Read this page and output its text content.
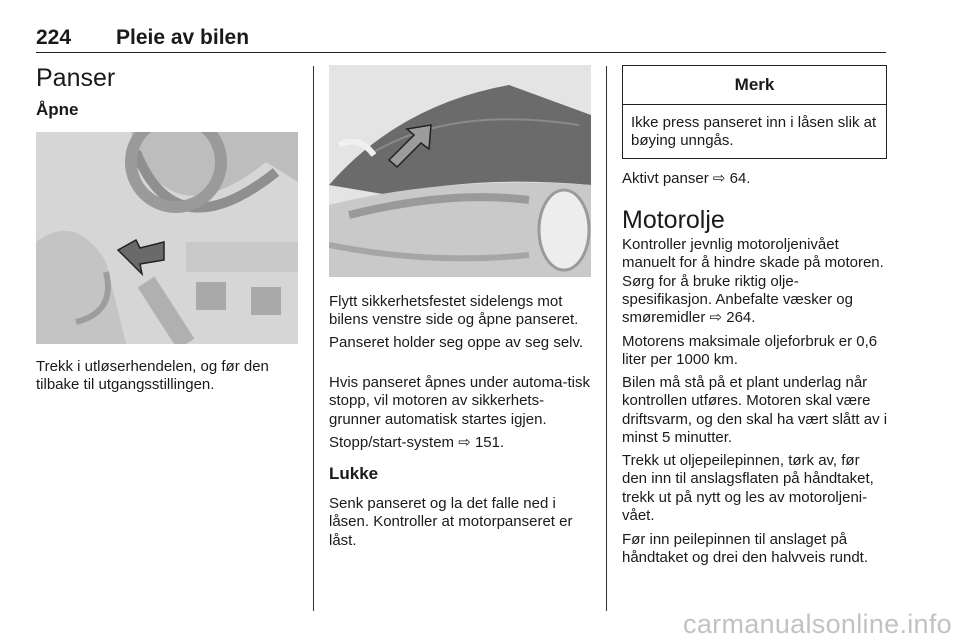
224 Pleie av bilen
Panser
Åpne

Trekk i utløserhendelen, og før den tilbake til utgangsstillingen.

Flytt sikkerhetsfestet sidelengs mot bilens venstre side og åpne panseret.

Panseret holder seg oppe av seg selv.

Hvis panseret åpnes under automa-tisk stopp, vil motoren av sikkerhets-grunner automatisk startes igjen.

Stopp/start-system ⇨ 151.

Lukke

Senk panseret og la det falle ned i låsen. Kontroller at motorpanseret er låst.

Merk
Ikke press panseret inn i låsen slik at bøying unngås.

Aktivt panser ⇨ 64.

Motorolje

Kontroller jevnlig motoroljenivået manuelt for å hindre skade på motoren. Sørg for å bruke riktig olje-spesifikasjon. Anbefalte væsker og smøremidler ⇨ 264.

Motorens maksimale oljeforbruk er 0,6 liter per 1000 km.

Bilen må stå på et plant underlag når kontrollen utføres. Motoren skal være driftsvarm, og den skal ha vært slått av i minst 5 minutter.

Trekk ut oljepeilepinnen, tørk av, før den inn til anslagsflaten på håndtaket, trekk ut på nytt og les av motoroljeni-vået.

Før inn peilepinnen til anslaget på håndtaket og drei den halvveis rundt.

carmanualsonline.info
